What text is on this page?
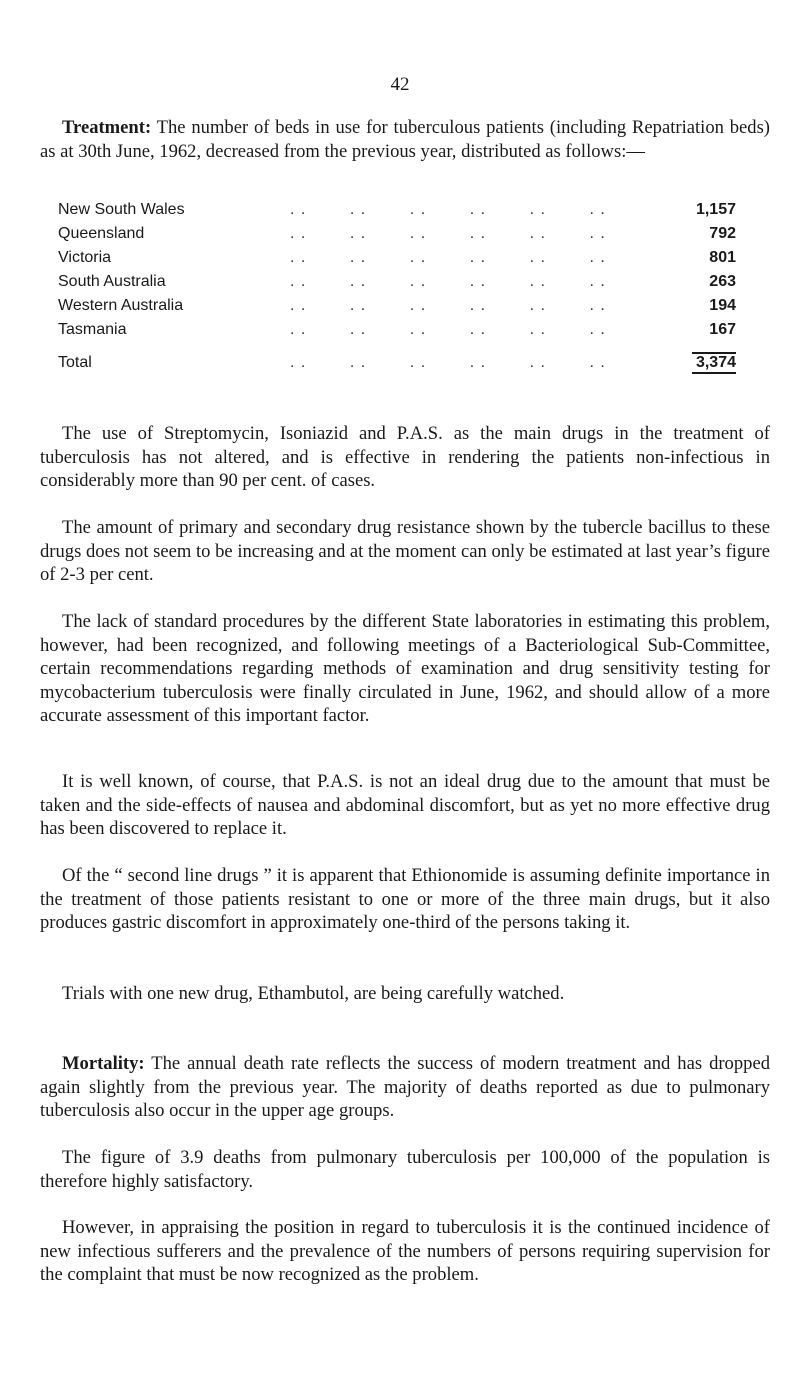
42

Treatment: The number of beds in use for tuberculous patients (including Repatriation beds) as at 30th June, 1962, decreased from the previous year, distributed as follows:—

New South Wales	. .        . .        . .        . .        . .        . .	1,157
Queensland	. .        . .        . .        . .        . .        . .	792
Victoria	. .        . .        . .        . .        . .        . .	801
South Australia	. .        . .        . .        . .        . .        . .	263
Western Australia	. .        . .        . .        . .        . .        . .	194
Tasmania	. .        . .        . .        . .        . .        . .	167
Total	. .        . .        . .        . .        . .        . .	3,374

The use of Streptomycin, Isoniazid and P.A.S. as the main drugs in the treatment of tuberculosis has not altered, and is effective in rendering the patients non-infectious in considerably more than 90 per cent. of cases.

The amount of primary and secondary drug resistance shown by the tubercle bacillus to these drugs does not seem to be increasing and at the moment can only be estimated at last year’s figure of 2-3 per cent.

The lack of standard procedures by the different State laboratories in estimating this problem, however, had been recognized, and following meetings of a Bacteriological Sub-Committee, certain recommendations regarding methods of examination and drug sensitivity testing for mycobacterium tuberculosis were finally circulated in June, 1962, and should allow of a more accurate assessment of this important factor.

It is well known, of course, that P.A.S. is not an ideal drug due to the amount that must be taken and the side-effects of nausea and abdominal discomfort, but as yet no more effective drug has been discovered to replace it.

Of the “ second line drugs ” it is apparent that Ethionomide is assuming definite importance in the treatment of those patients resistant to one or more of the three main drugs, but it also produces gastric discomfort in approximately one-third of the persons taking it.

Trials with one new drug, Ethambutol, are being carefully watched.

Mortality: The annual death rate reflects the success of modern treatment and has dropped again slightly from the previous year. The majority of deaths reported as due to pulmonary tuberculosis also occur in the upper age groups.

The figure of 3.9 deaths from pulmonary tuberculosis per 100,000 of the population is therefore highly satisfactory.

However, in appraising the position in regard to tuberculosis it is the continued incidence of new infectious sufferers and the prevalence of the numbers of persons requiring supervision for the complaint that must be now recognized as the problem.
